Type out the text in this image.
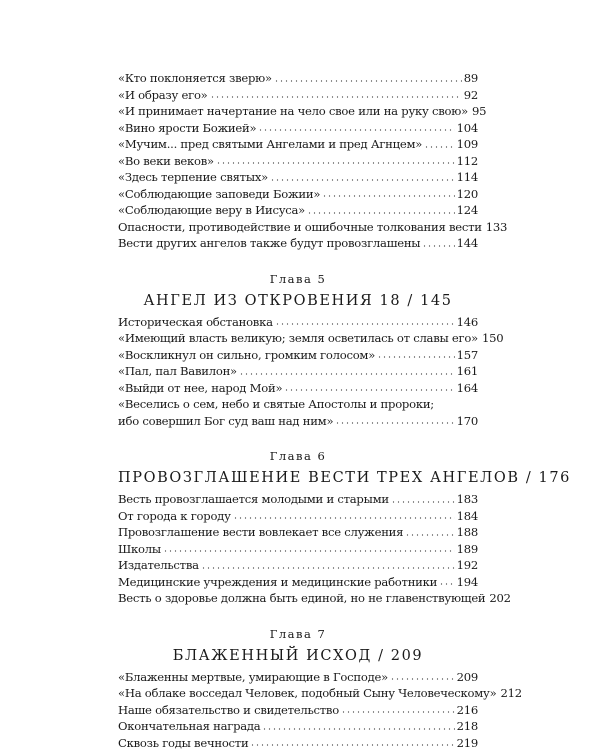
«Кто поклоняется зверю»	89
«И образу его»	92
«И принимает начертание на чело свое или на руку свою» 95
«Вино ярости Божией»	104
«Мучим... пред святыми Ангелами и пред Агнцем»	109
«Во веки веков»	112
«Здесь терпение святых»	114
«Соблюдающие заповеди Божии»	120
«Соблюдающие веру в Иисуса»	124
Опасности, противодействие и ошибочные толкования вести 133
Вести других ангелов также будут провозглашены	144
Глава 5
АНГЕЛ ИЗ ОТКРОВЕНИЯ 18 / 145
Историческая обстановка	146
«Имеющий власть великую; земля осветилась от славы его» 150
«Воскликнул он сильно, громким голосом»	157
«Пал, пал Вавилон»	161
«Выйди от нее, народ Мой»	164
«Веселись о сем, небо и святые Апостолы и пророки;
ибо совершил Бог суд ваш над ним»	170
Глава 6
ПРОВОЗГЛАШЕНИЕ ВЕСТИ ТРЕХ АНГЕЛОВ / 176
Весть провозглашается молодыми и старыми	183
От города к городу	184
Провозглашение вести вовлекает все служения	188
Школы	189
Издательства	192
Медицинские учреждения и медицинские работники 194
Весть о здоровье должна быть единой, но не главенствующей 202
Глава 7
БЛАЖЕННЫЙ ИСХОД / 209
«Блаженны мертвые, умирающие в Господе»	209
«На облаке восседал Человек, подобный Сыну Человеческому» 212
Наше обязательство и свидетельство	216
Окончательная награда	218
Сквозь годы вечности	219
